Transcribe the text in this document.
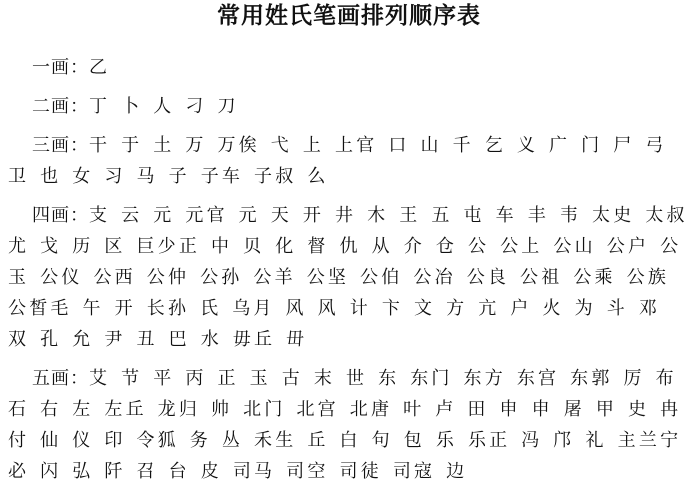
常用姓氏笔画排列顺序表

一画：乙

二画：丁 卜 人 刁 刀

三画：干 于 土 万 万俟 弋 上 上官 口 山 千 乞 义 广 门 尸 弓 卫 也 女 习 马 子 子车 子叔 么

四画：支 云 元 元官 元 天 开 井 木 王 五 屯 车 丰 韦 太史 太叔 尤 戈 历 区 巨少正 中 贝 化 督 仇 从 介 仓 公 公上 公山 公户 公玉 公仪 公西 公仲 公孙 公羊 公坚 公伯 公冶 公良 公祖 公乘 公族 公皙毛 午 开 长孙 氏 乌月 风 风 计 卞 文 方 亢 户 火 为 斗 邓 双 孔 允 尹 丑 巴 水 毋丘 毌

五画：艾 节 平 丙 正 玉 古 末 世 东 东门 东方 东宫 东郭 厉 布 石 右 左 左丘 龙归 帅 北门 北宫 北唐 叶 卢 田 申 申 屠 甲 史 冉 付 仙 仪 印 令狐 务 丛 禾生 丘 白 句 包 乐 乐正 冯 邝 礼 主兰宁 必 闪 弘 阡 召 台 皮 司马 司空 司徒 司寇 边
